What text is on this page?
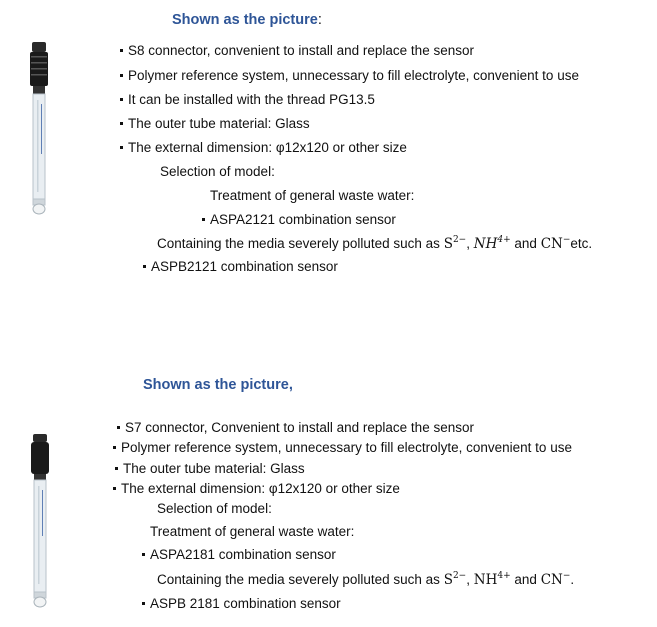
Shown as the picture:
S8 connector, convenient to install and replace the sensor
Polymer reference system, unnecessary to fill electrolyte, convenient to use
It can be installed with the thread PG13.5
The outer tube material: Glass
The external dimension: φ12x120 or other size
Selection of model:
Treatment of general waste water:
ASPA2121 combination sensor
Containing the media severely polluted such as $S^{2-}$, $NH^{4+}$ and CN−etc.
ASPB2121 combination sensor
Shown as the picture,
S7 connector, Convenient to install and replace the sensor
Polymer reference system, unnecessary to fill electrolyte, convenient to use
The outer tube material: Glass
The external dimension: φ12x120 or other size
Selection of model:
Treatment of general waste water:
ASPA2181 combination sensor
Containing the media severely polluted such as $S^{2-}$, $NH^{4+}$ and CN−.
ASPB 2181 combination sensor
